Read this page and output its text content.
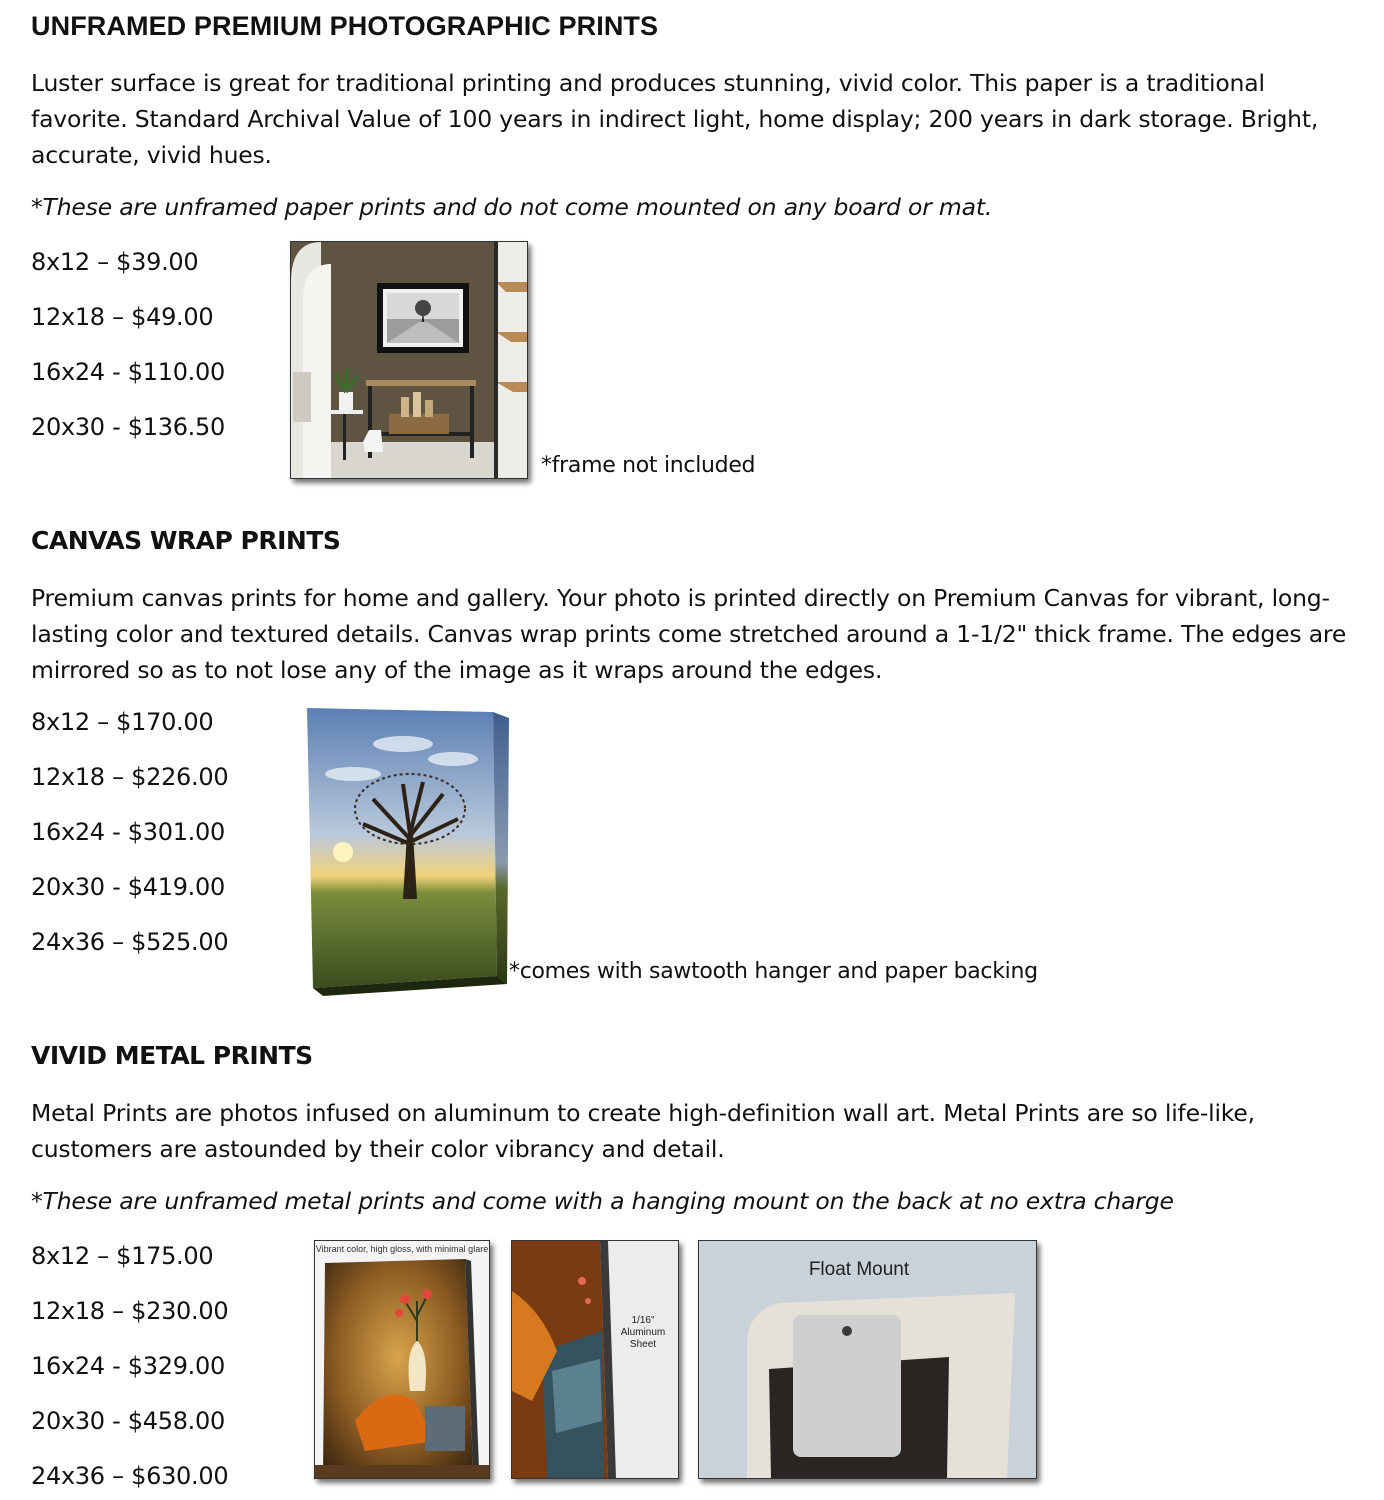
UNFRAMED PREMIUM PHOTOGRAPHIC PRINTS

Luster surface is great for traditional printing and produces stunning, vivid color. This paper is a traditional favorite. Standard Archival Value of 100 years in indirect light, home display; 200 years in dark storage. Bright, accurate, vivid hues.

*These are unframed paper prints and do not come mounted on any board or mat.
8x12 – $39.00
12x18 – $49.00
16x24 - $110.00
20x30 - $136.50
*frame not included
CANVAS WRAP PRINTS

Premium canvas prints for home and gallery. Your photo is printed directly on Premium Canvas for vibrant, long-lasting color and textured details. Canvas wrap prints come stretched around a 1-1/2" thick frame. The edges are mirrored so as to not lose any of the image as it wraps around the edges.

8x12 – $170.00
12x18 – $226.00
16x24 - $301.00
20x30 - $419.00
24x36 – $525.00
*comes with sawtooth hanger and paper backing
VIVID METAL PRINTS

Metal Prints are photos infused on aluminum to create high-definition wall art. Metal Prints are so life-like, customers are astounded by their color vibrancy and detail.

*These are unframed metal prints and come with a hanging mount on the back at no extra charge
8x12 – $175.00
12x18 – $230.00
16x24 - $329.00
20x30 - $458.00
24x36 – $630.00
Vibrant color, high gloss, with minimal glare
1/16"
Aluminum
Sheet
Float Mount
